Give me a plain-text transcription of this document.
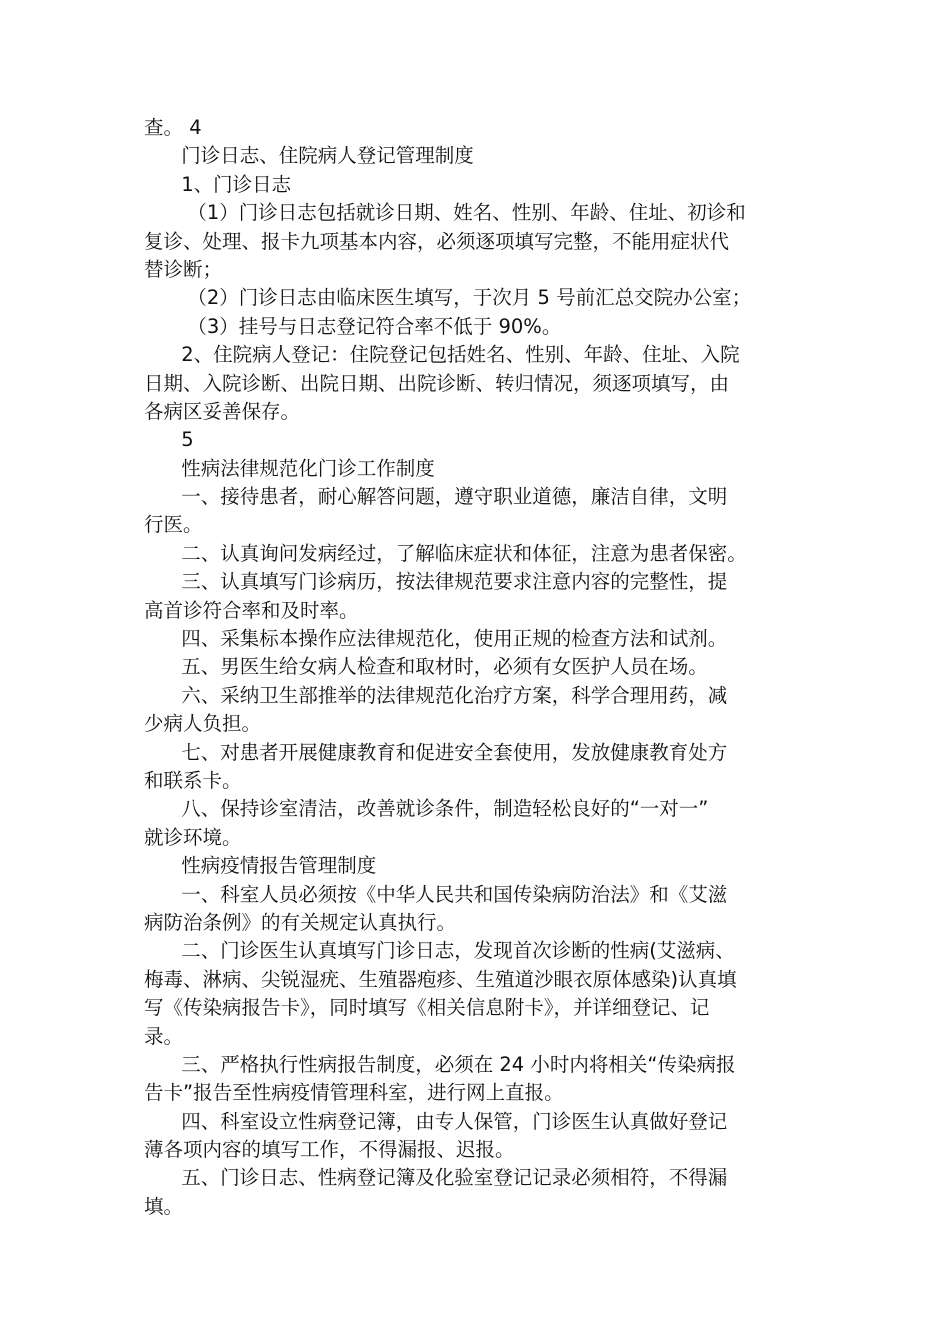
查。 4
门诊日志、住院病人登记管理制度
1、门诊日志
（1）门诊日志包括就诊日期、姓名、性别、年龄、住址、初诊和
复诊、处理、报卡九项基本内容，必须逐项填写完整，不能用症状代
替诊断；
（2）门诊日志由临床医生填写，于次月 5 号前汇总交院办公室；
（3）挂号与日志登记符合率不低于 90%。
2、住院病人登记：住院登记包括姓名、性别、年龄、住址、入院
日期、入院诊断、出院日期、出院诊断、转归情况，须逐项填写，由
各病区妥善保存。
5
性病法律规范化门诊工作制度
一、接待患者，耐心解答问题，遵守职业道德，廉洁自律，文明
行医。
二、认真询问发病经过，了解临床症状和体征，注意为患者保密。
三、认真填写门诊病历，按法律规范要求注意内容的完整性，提
高首诊符合率和及时率。
四、采集标本操作应法律规范化，使用正规的检查方法和试剂。
五、男医生给女病人检查和取材时，必须有女医护人员在场。
六、采纳卫生部推举的法律规范化治疗方案，科学合理用药，减
少病人负担。
七、对患者开展健康教育和促进安全套使用，发放健康教育处方
和联系卡。
八、保持诊室清洁，改善就诊条件，制造轻松良好的“一对一”
就诊环境。
性病疫情报告管理制度
一、科室人员必须按《中华人民共和国传染病防治法》和《艾滋
病防治条例》的有关规定认真执行。
二、门诊医生认真填写门诊日志，发现首次诊断的性病(艾滋病、
梅毒、淋病、尖锐湿疣、生殖器疱疹、生殖道沙眼衣原体感染)认真填
写《传染病报告卡》，同时填写《相关信息附卡》，并详细登记、记
录。
三、严格执行性病报告制度，必须在 24 小时内将相关“传染病报
告卡”报告至性病疫情管理科室，进行网上直报。
四、科室设立性病登记簿，由专人保管，门诊医生认真做好登记
薄各项内容的填写工作，不得漏报、迟报。
五、门诊日志、性病登记簿及化验室登记记录必须相符，不得漏
填。
